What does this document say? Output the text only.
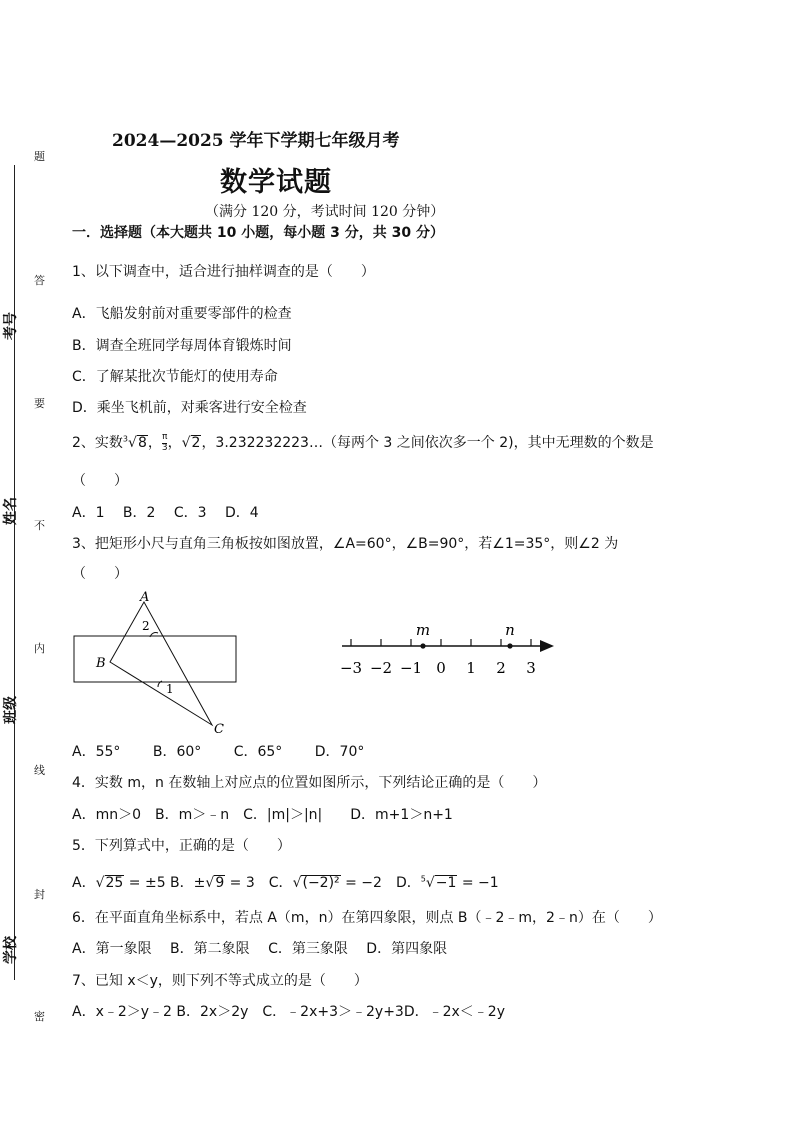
题
答
要
不
内
线
封
密
考号
姓名
班级
学校
2024—2025 学年下学期七年级月考
数学试题
（满分 120 分，考试时间 120 分钟）
一．选择题（本大题共 10 小题，每小题 3 分，共 30 分）
1、以下调查中，适合进行抽样调查的是（　　）
A．飞船发射前对重要零部件的检查
B．调查全班同学每周体育锻炼时间
C．了解某批次节能灯的使用寿命
D．乘坐飞机前，对乘客进行安全检查
2、实数$^3$√8， $\frac{\pi}{3}$ ，√2，3.232232223…（每两个 3 之间依次多一个 2)，其中无理数的个数是
（　　）
A．1　 B．2　 C．3　 D．4
3、把矩形小尺与直角三角板按如图放置，∠A=60°，∠B=90°，若∠1=35°，则∠2 为
（　　）
A
B
C
1
2
−3 −2 −1 0 1 2 3
m	n
A．55°　　 B．60°　　 C．65°　　 D．70°
4．实数 m，n 在数轴上对应点的位置如图所示，下列结论正确的是（　　）
A．mn＞0　B．m＞﹣n　C．|m|＞|n|　　D．m+1＞n+1
5．下列算式中，正确的是（　　）
A．√25 = ±5 B．±√9 = 3　C．√(−2)² = −2　D．$^5$√−1 = −1
6．在平面直角坐标系中，若点 A（m，n）在第四象限，则点 B（﹣2﹣m，2﹣n）在（　　）
A．第一象限　 B．第二象限　 C．第三象限　 D．第四象限
7、已知 x＜y，则下列不等式成立的是（　　）
A．x﹣2＞y﹣2 B．2x＞2y　C．﹣2x+3＞﹣2y+3D．﹣2x＜﹣2y
